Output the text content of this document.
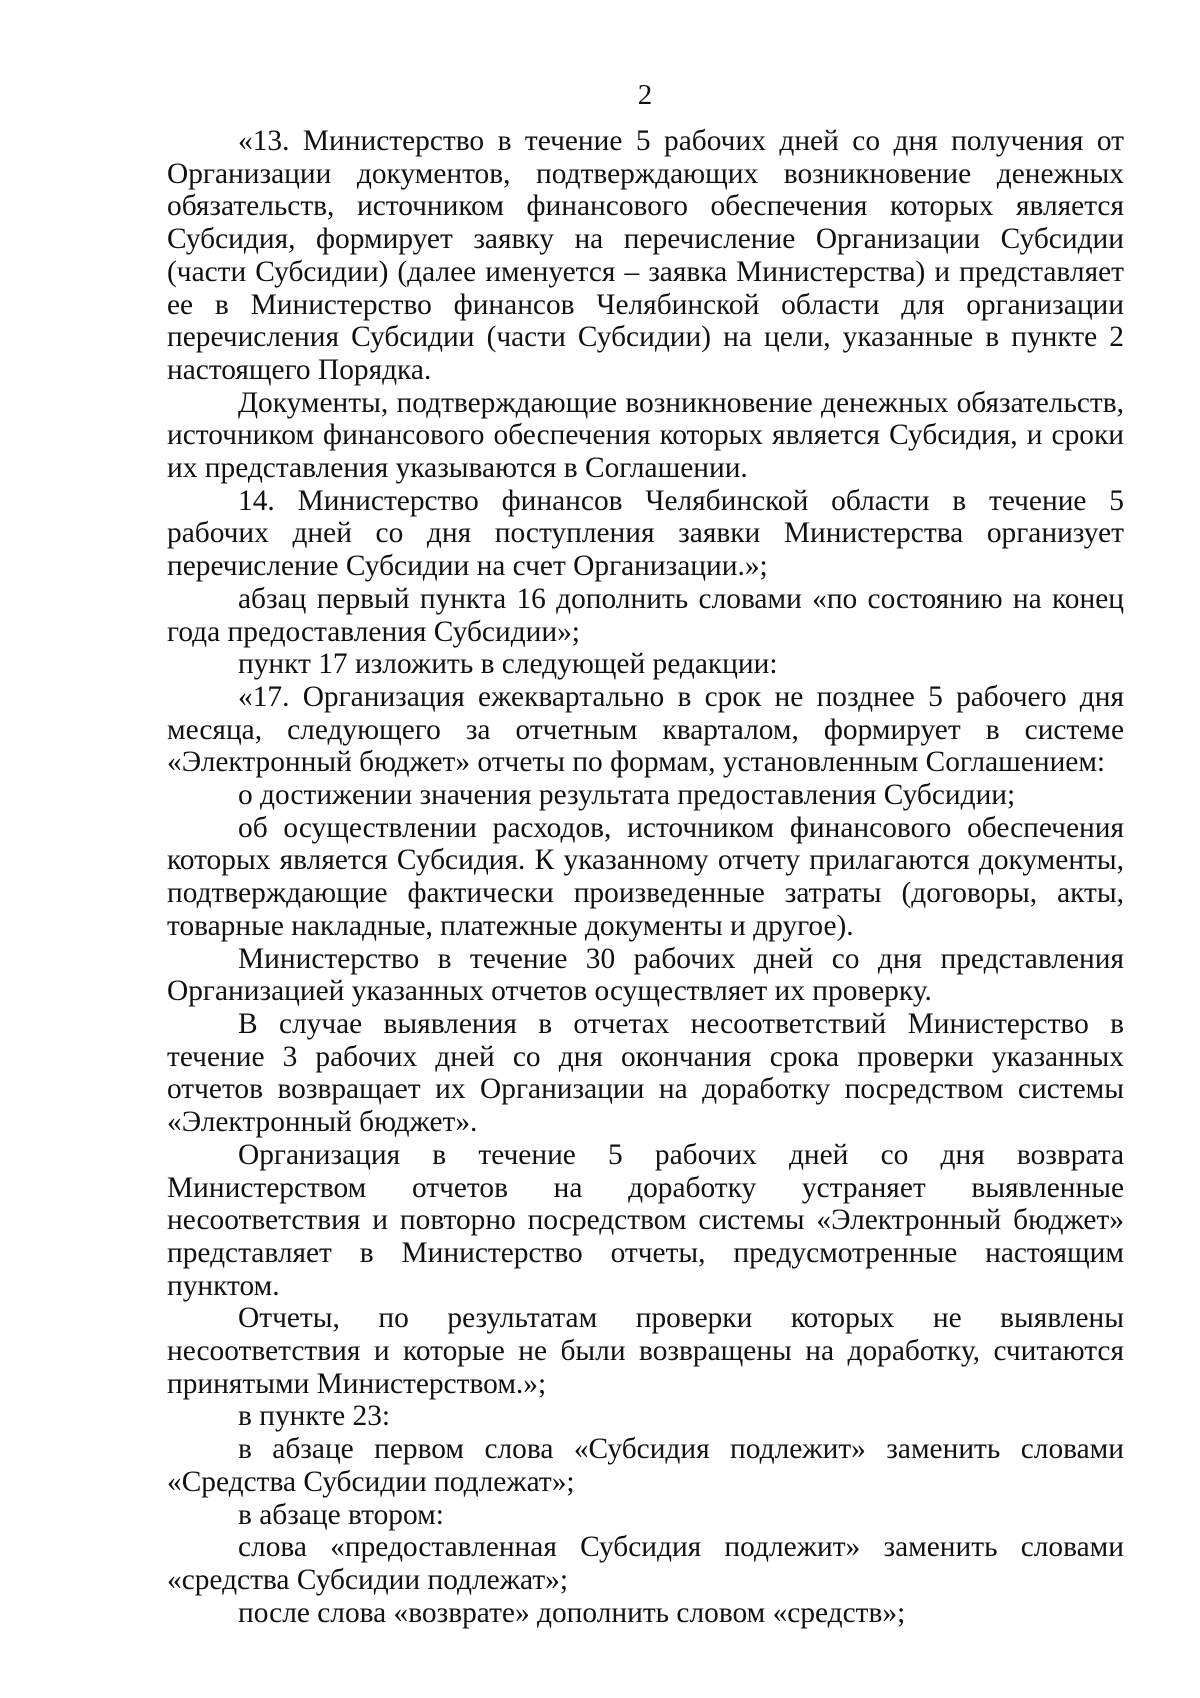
2

«13. Министерство в течение 5 рабочих дней со дня получения от Организации документов, подтверждающих возникновение денежных обязательств, источником финансового обеспечения которых является Субсидия, формирует заявку на перечисление Организации Субсидии (части Субсидии) (далее именуется – заявка Министерства) и представляет ее в Министерство финансов Челябинской области для организации перечисления Субсидии (части Субсидии) на цели, указанные в пункте 2 настоящего Порядка.

Документы, подтверждающие возникновение денежных обязательств, источником финансового обеспечения которых является Субсидия, и сроки их представления указываются в Соглашении.

14. Министерство финансов Челябинской области в течение 5 рабочих дней со дня поступления заявки Министерства организует перечисление Субсидии на счет Организации.»;

абзац первый пункта 16 дополнить словами «по состоянию на конец года предоставления Субсидии»;

пункт 17 изложить в следующей редакции:

«17. Организация ежеквартально в срок не позднее 5 рабочего дня месяца, следующего за отчетным кварталом, формирует в системе «Электронный бюджет» отчеты по формам, установленным Соглашением:

о достижении значения результата предоставления Субсидии;

об осуществлении расходов, источником финансового обеспечения которых является Субсидия. К указанному отчету прилагаются документы, подтверждающие фактически произведенные затраты (договоры, акты, товарные накладные, платежные документы и другое).

Министерство в течение 30 рабочих дней со дня представления Организацией указанных отчетов осуществляет их проверку.

В случае выявления в отчетах несоответствий Министерство в течение 3 рабочих дней со дня окончания срока проверки указанных отчетов возвращает их Организации на доработку посредством системы «Электронный бюджет».

Организация в течение 5 рабочих дней со дня возврата Министерством отчетов на доработку устраняет выявленные несоответствия и повторно посредством системы «Электронный бюджет» представляет в Министерство отчеты, предусмотренные настоящим пунктом.

Отчеты, по результатам проверки которых не выявлены несоответствия и которые не были возвращены на доработку, считаются принятыми Министерством.»;

в пункте 23:

в абзаце первом слова «Субсидия подлежит» заменить словами «Средства Субсидии подлежат»;

в абзаце втором:

слова «предоставленная Субсидия подлежит» заменить словами «средства Субсидии подлежат»;

после слова «возврате» дополнить словом «средств»;
